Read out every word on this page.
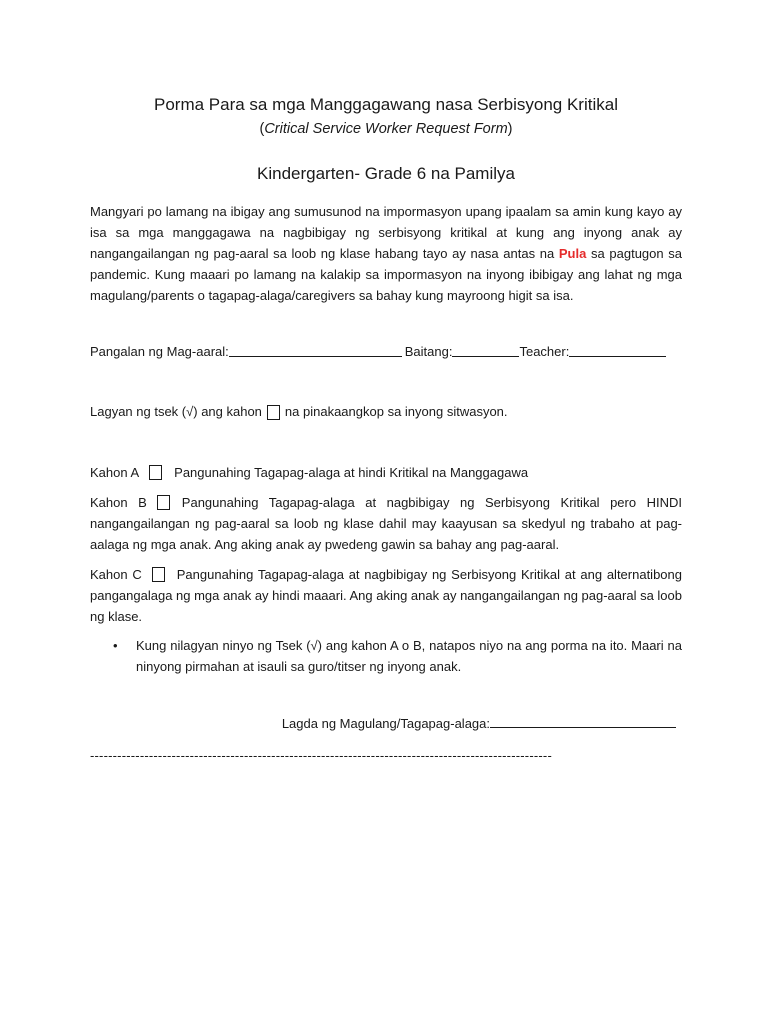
Porma Para sa mga Manggagawang nasa Serbisyong Kritikal
(Critical Service Worker Request Form)
Kindergarten- Grade 6 na Pamilya
Mangyari po lamang na ibigay ang sumusunod na impormasyon upang ipaalam sa amin kung kayo ay isa sa mga manggagawa na nagbibigay ng serbisyong kritikal at kung ang inyong anak ay nangangailangan ng pag-aaral sa loob ng klase habang tayo ay nasa antas na Pula sa pagtugon sa pandemic. Kung maaari po lamang na kalakip sa impormasyon na inyong ibibigay ang lahat ng mga magulang/parents o tagapag-alaga/caregivers sa bahay kung mayroong higit sa isa.
Pangalan ng Mag-aaral:	Baitang:	Teacher:
Lagyan ng tsek (√) ang kahon na pinakaangkop sa inyong sitwasyon.
Kahon A	Pangunahing Tagapag-alaga at hindi Kritikal na Manggagawa
Kahon B	Pangunahing Tagapag-alaga at nagbibigay ng Serbisyong Kritikal pero HINDI nangangailangan ng pag-aaral sa loob ng klase dahil may kaayusan sa skedyul ng trabaho at pag-aalaga ng mga anak. Ang aking anak ay pwedeng gawin sa bahay ang pag-aaral.
Kahon C	Pangunahing Tagapag-alaga at nagbibigay ng Serbisyong Kritikal at ang alternatibong pangangalaga ng mga anak ay hindi maaari. Ang aking anak ay nangangailangan ng pag-aaral sa loob ng klase.
• Kung nilagyan ninyo ng Tsek (√) ang kahon A o B, natapos niyo na ang porma na ito. Maari na ninyong pirmahan at isauli sa guro/titser ng inyong anak.
Lagda ng Magulang/Tagapag-alaga:
------------------------------------------------------------------------------------------------------
